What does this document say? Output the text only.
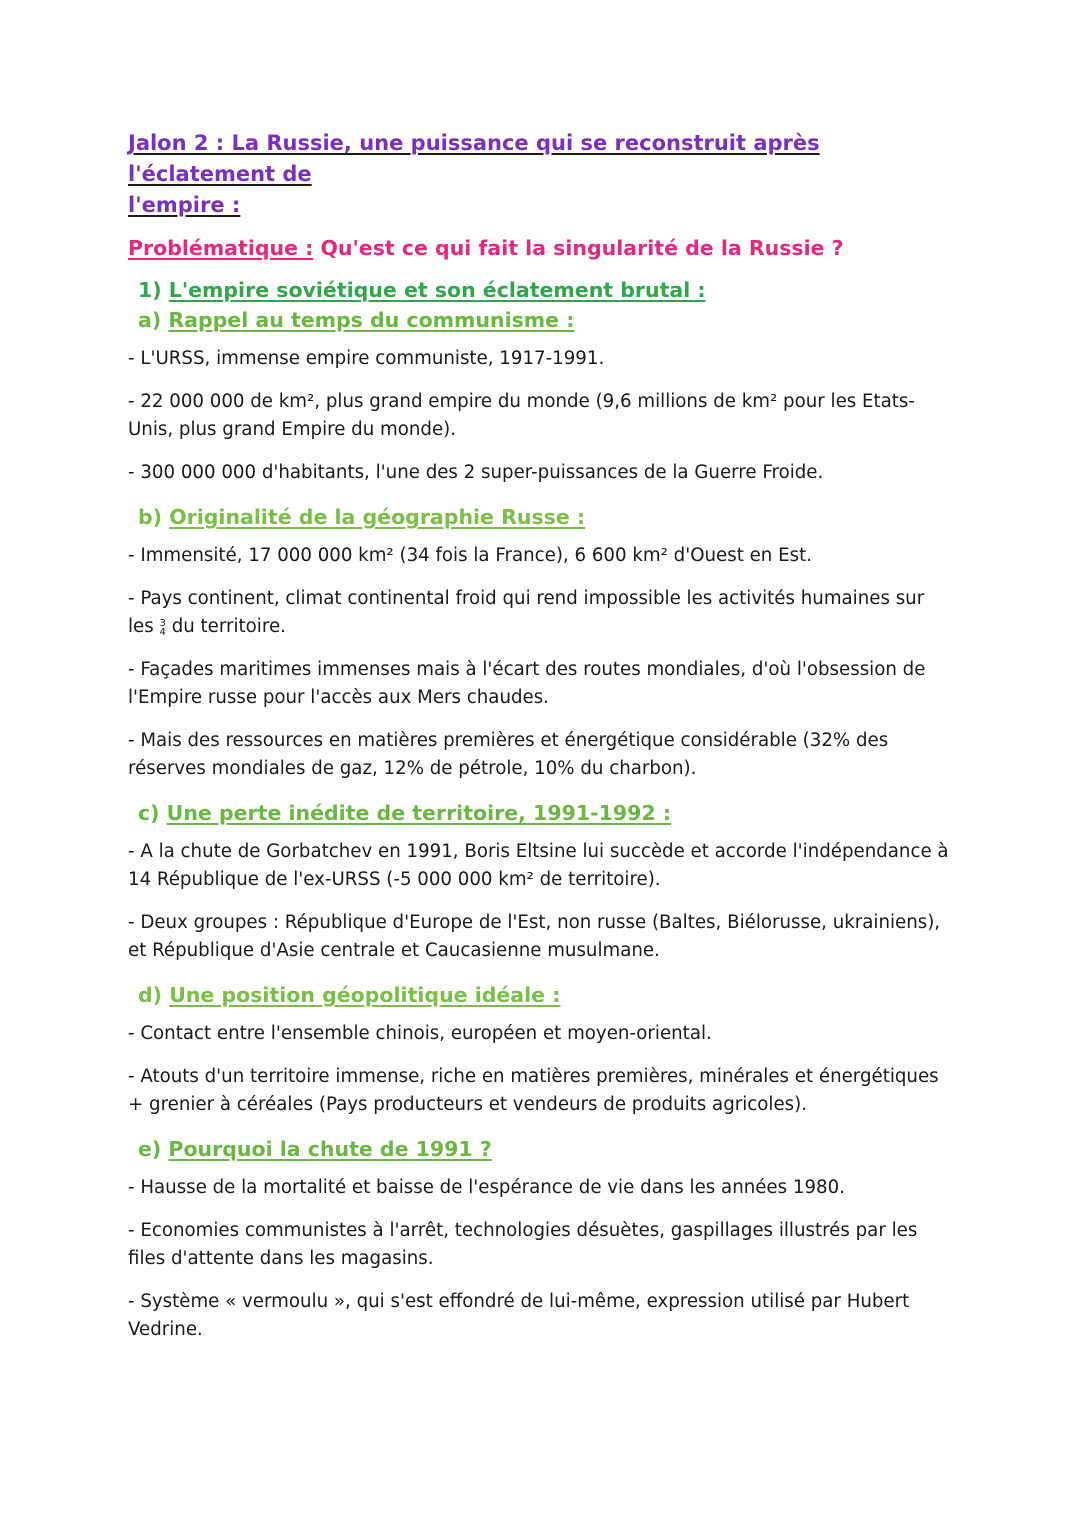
Jalon 2 : La Russie, une puissance qui se reconstruit après l'éclatement de
l'empire :
Problématique : Qu'est ce qui fait la singularité de la Russie ?
1) L'empire soviétique et son éclatement brutal :
a) Rappel au temps du communisme :

- L'URSS, immense empire communiste, 1917-1991.

- 22 000 000 de km², plus grand empire du monde (9,6 millions de km² pour les Etats-Unis, plus grand Empire du monde).

- 300 000 000 d'habitants, l'une des 2 super-puissances de la Guerre Froide.

b) Originalité de la géographie Russe :

- Immensité, 17 000 000 km² (34 fois la France), 6 600 km² d'Ouest en Est.

- Pays continent, climat continental froid qui rend impossible les activités humaines sur
les 3
4 du territoire.

- Façades maritimes immenses mais à l'écart des routes mondiales, d'où l'obsession de l'Empire russe pour l'accès aux Mers chaudes.

- Mais des ressources en matières premières et énergétique considérable (32% des réserves mondiales de gaz, 12% de pétrole, 10% du charbon).

c) Une perte inédite de territoire, 1991-1992 :

- A la chute de Gorbatchev en 1991, Boris Eltsine lui succède et accorde l'indépendance à 14 République de l'ex-URSS (-5 000 000 km² de territoire).

- Deux groupes : République d'Europe de l'Est, non russe (Baltes, Biélorusse, ukrainiens), et République d'Asie centrale et Caucasienne musulmane.

d) Une position géopolitique idéale :

- Contact entre l'ensemble chinois, européen et moyen-oriental.

- Atouts d'un territoire immense, riche en matières premières, minérales et énergétiques + grenier à céréales (Pays producteurs et vendeurs de produits agricoles).

e) Pourquoi la chute de 1991 ?

- Hausse de la mortalité et baisse de l'espérance de vie dans les années 1980.

- Economies communistes à l'arrêt, technologies désuètes, gaspillages illustrés par les files d'attente dans les magasins.

- Système « vermoulu », qui s'est effondré de lui-même, expression utilisé par Hubert Vedrine.
